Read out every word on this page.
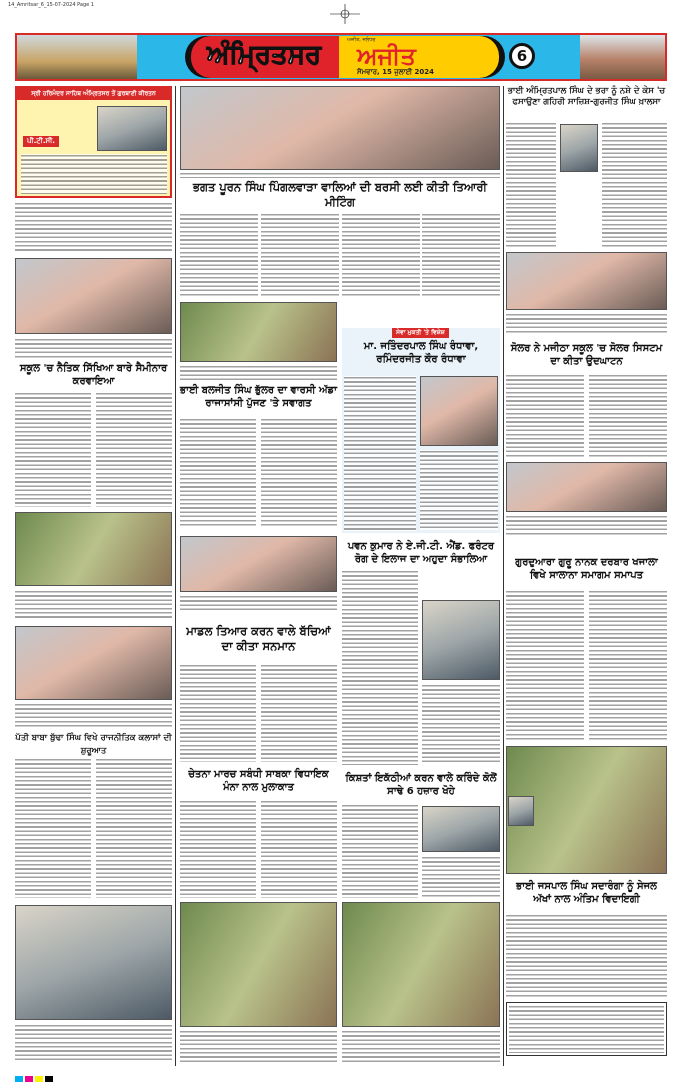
14_Amritsar_6_15-07-2024 Page 1
ਅੰਮ੍ਰਿਤਸਰ	ਅਜੀਤ, ਜਲੰਧਰ
ਅਜੀਤ
ਸੋਮਵਾਰ, 15 ਜੁਲਾਈ 2024
6
ਸ੍ਰੀ ਹਰਿਮੰਦਰ ਸਾਹਿਬ ਅੰਮ੍ਰਿਤਸਰ ਤੋਂ ਗੁਰਬਾਣੀ ਕੀਰਤਨ
ਪੀ.ਟੀ.ਸੀ.
ਸਕੂਲ 'ਚ ਨੈਤਿਕ ਸਿੱਖਿਆ ਬਾਰੇ ਸੈਮੀਨਾਰ ਕਰਵਾਇਆ
ਪੱਤੀ ਬਾਬਾ ਬੁੱਢਾ ਸਿੰਘ ਵਿਖੇ ਰਾਜਨੀਤਿਕ ਕਲਾਸਾਂ ਦੀ ਸ਼ੁਰੂਆਤ
ਭਗਤ ਪੂਰਨ ਸਿੰਘ ਪਿੰਗਲਵਾੜਾ ਵਾਲਿਆਂ ਦੀ ਬਰਸੀ ਲਈ ਕੀਤੀ ਤਿਆਰੀ ਮੀਟਿੰਗ
ਭਾਈ ਬਲਜੀਤ ਸਿੰਘ ਭੁੱਲਰ ਦਾ ਵਾਰਸੀ ਅੱਡਾ ਰਾਜਾਸਾਂਸੀ ਪੁੱਜਣ 'ਤੇ ਸਵਾਗਤ
ਸੇਵਾ ਮੁਕਤੀ 'ਤੇ ਵਿਸ਼ੇਸ਼
ਮਾ. ਜਤਿੰਦਰਪਾਲ ਸਿੰਘ ਰੰਧਾਵਾ, ਰਮਿੰਦਰਜੀਤ ਕੌਰ ਰੰਧਾਵਾ
ਮਾਡਲ ਤਿਆਰ ਕਰਨ ਵਾਲੇ ਬੱਚਿਆਂ ਦਾ ਕੀਤਾ ਸਨਮਾਨ
ਪਵਨ ਕੁਮਾਰ ਨੇ ਏ.ਜੀ.ਟੀ. ਐਂਡ. ਫਰੰਟਰ ਰੋਗ ਦੇ ਇਲਾਜ ਦਾ ਅਹੁਦਾ ਸੰਭਾਲਿਆ
ਚੇਤਨਾ ਮਾਰਚ ਸਬੰਧੀ ਸਾਬਕਾ ਵਿਧਾਇਕ ਮੰਨਾ ਨਾਲ ਮੁਲਾਕਾਤ
ਕਿਸ਼ਤਾਂ ਇਕੱਠੀਆਂ ਕਰਨ ਵਾਲੇ ਕਰਿੰਦੇ ਕੋਲੋਂ ਸਾਢੇ 6 ਹਜ਼ਾਰ ਖੋਹੇ
ਭਾਈ ਅੰਮ੍ਰਿਤਪਾਲ ਸਿੰਘ ਦੇ ਭਰਾ ਨੂੰ ਨਸ਼ੇ ਦੇ ਕੇਸ 'ਚ ਫਸਾਉਣਾ ਗਹਿਰੀ ਸਾਜ਼ਿਸ਼-ਗੁਰਜੀਤ ਸਿੰਘ ਖ਼ਾਲਸਾ
ਸੋਲਰ ਨੇ ਮਜੀਠਾ ਸਕੂਲ 'ਚ ਸੋਲਰ ਸਿਸਟਮ ਦਾ ਕੀਤਾ ਉਦਘਾਟਨ
ਗੁਰਦੁਆਰਾ ਗੁਰੂ ਨਾਨਕ ਦਰਬਾਰ ਖਜਾਲਾ ਵਿਖੇ ਸਾਲਾਨਾ ਸਮਾਗਮ ਸਮਾਪਤ
ਭਾਈ ਜਸਪਾਲ ਸਿੰਘ ਸਦਾਰੰਗਾ ਨੂੰ ਸੇਜਲ ਅੱਖਾਂ ਨਾਲ ਅੰਤਿਮ ਵਿਦਾਇਗੀ
